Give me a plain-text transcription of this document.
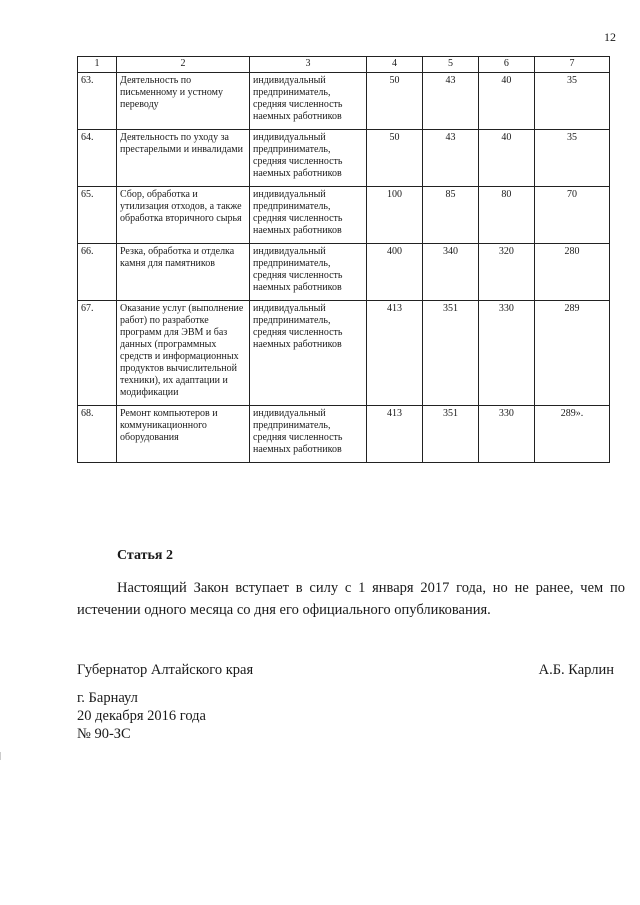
12
1	2	3	4	5	6	7
63.	Деятельность по письменному и устному переводу	индивидуальный предприниматель, средняя численность наемных работников	50	43	40	35
64.	Деятельность по уходу за престарелыми и инвалидами	индивидуальный предприниматель, средняя численность наемных работников	50	43	40	35
65.	Сбор, обработка и утилизация отходов, а также обработка вторичного сырья	индивидуальный предприниматель, средняя численность наемных работников	100	85	80	70
66.	Резка, обработка и отделка камня для памятников	индивидуальный предприниматель, средняя численность наемных работников	400	340	320	280
67.	Оказание услуг (выполнение работ) по разработке программ для ЭВМ и баз данных (программных средств и информационных продуктов вычислительной техники), их адаптации и модификации	индивидуальный предприниматель, средняя численность наемных работников	413	351	330	289
68.	Ремонт компьютеров и коммуникационного оборудования	индивидуальный предприниматель, средняя численность наемных работников	413	351	330	289».
Статья 2
Настоящий Закон вступает в силу с 1 января 2017 года, но не ранее, чем по истечении одного месяца со дня его официального опубликования.
Губернатор Алтайского края	А.Б. Карлин
г. Барнаул
20 декабря 2016 года
№ 90-ЗС
